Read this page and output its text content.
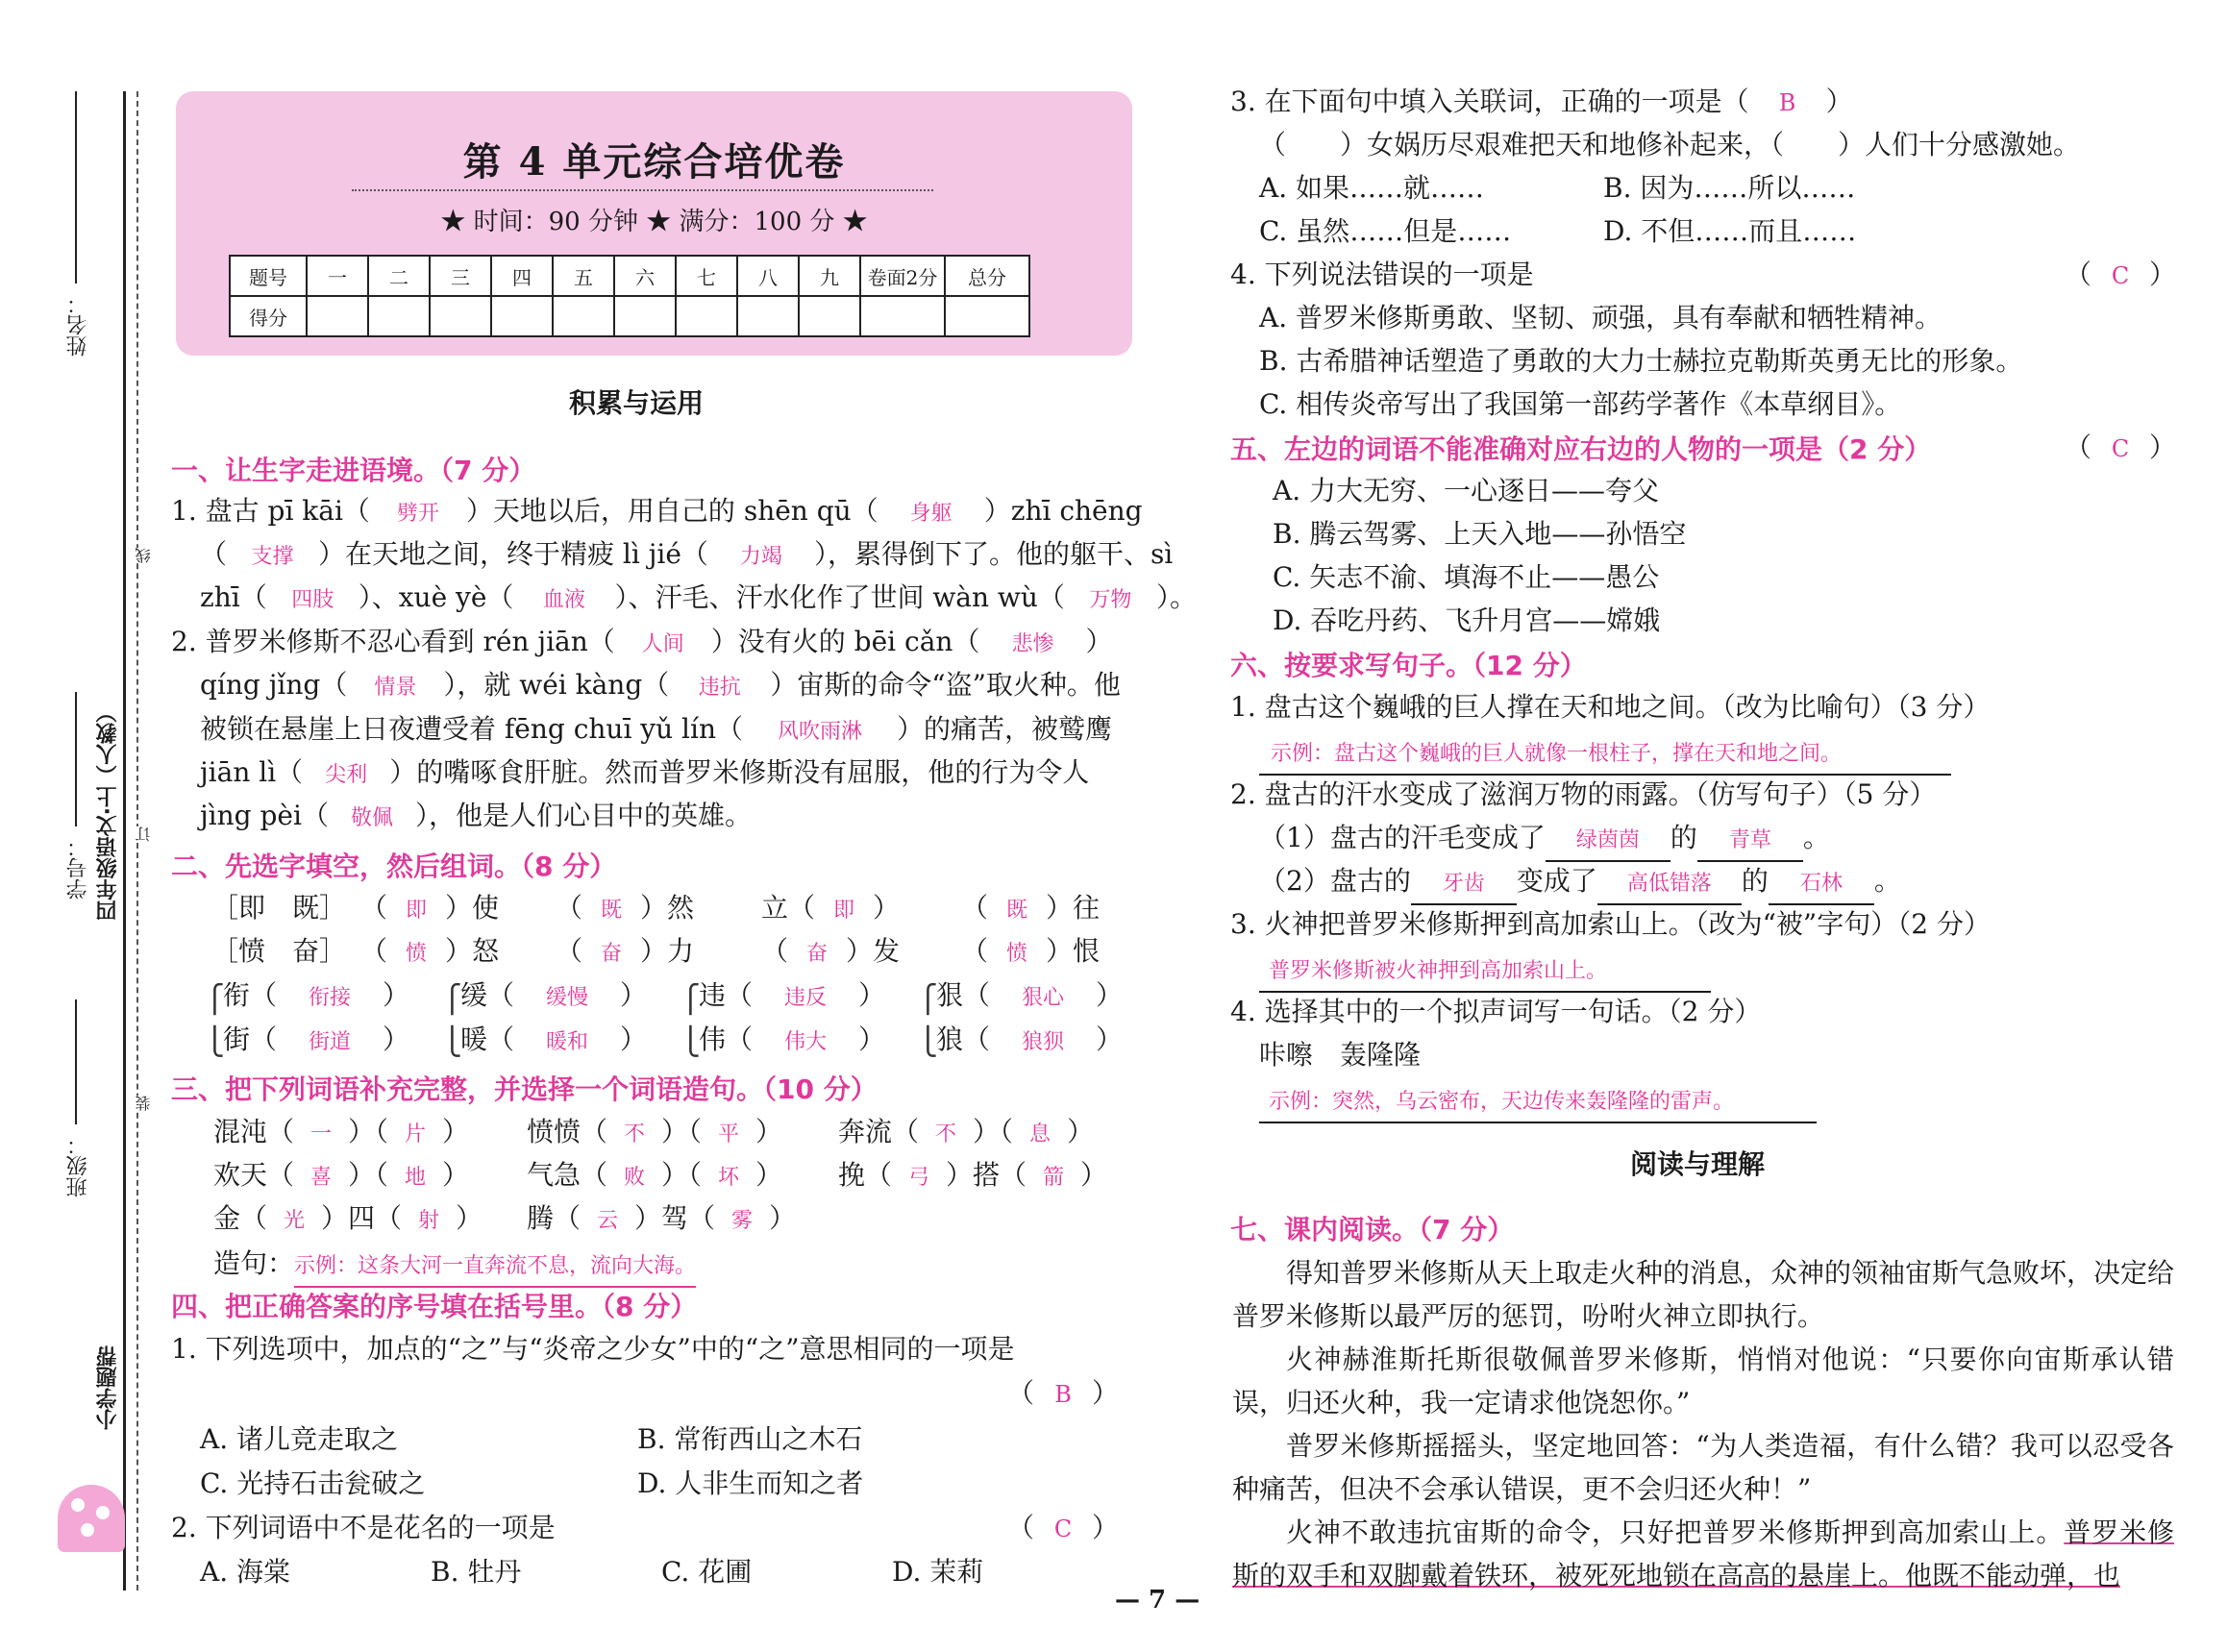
姓名：
学号：
班级：
四年级语文·上（人教）
小学题帮
线
订
装
第 4 单元综合培优卷
★ 时间：90 分钟 ★ 满分：100 分 ★
题号	一	二	三	四	五	六	七	八	九	卷面2分	总分
得分											
积累与运用
一、让生字走进语境。（7 分）
1. 盘古 pī kāi（ 劈开 ）天地以后，用自己的 shēn qū（ 身躯 ）zhī chēng
（ 支撑 ）在天地之间，终于精疲 lì jié（ 力竭 ），累得倒下了。他的躯干、sì
zhī（ 四肢 ）、xuè yè（ 血液 ）、汗毛、汗水化作了世间 wàn wù（ 万物 ）。
2. 普罗米修斯不忍心看到 rén jiān（ 人间 ）没有火的 bēi cǎn（ 悲惨 ）
qíng jǐng（ 情景 ），就 wéi kàng（ 违抗 ）宙斯的命令“盗”取火种。他
被锁在悬崖上日夜遭受着 fēng chuī yǔ lín（ 风吹雨淋 ）的痛苦，被鹫鹰
jiān lì（ 尖利 ）的嘴啄食肝脏。然而普罗米修斯没有屈服，他的行为令人
jìng pèi（ 敬佩 ），他是人们心目中的英雄。
二、先选字填空，然后组词。（8 分）
［即　既］ （ 即 ）使 （ 既 ）然 立（ 即 ） （ 既 ）往
［愤　奋］ （ 愤 ）怒 （ 奋 ）力 （ 奋 ）发 （ 愤 ）恨
⎧
⎩
衔（ 衔接 ）
街（ 街道 ）
⎧
⎩
缓（ 缓慢 ）
暖（ 暖和 ）
⎧
⎩
违（ 违反 ）
伟（ 伟大 ）
⎧
⎩
狠（ 狠心 ）
狼（ 狼狈 ）
三、把下列词语补充完整，并选择一个词语造句。（10 分）
混沌（ 一 ）（ 片 ） 愤愤（ 不 ）（ 平 ） 奔流（ 不 ）（ 息 ）
欢天（ 喜 ）（ 地 ） 气急（ 败 ）（ 坏 ） 挽（ 弓 ）搭（ 箭 ）
金（ 光 ）四（ 射 ） 腾（ 云 ）驾（ 雾 ）
造句：示例：这条大河一直奔流不息，流向大海。
四、把正确答案的序号填在括号里。（8 分）
1. 下列选项中，加点的“之”与“炎帝之少女”中的“之”意思相同的一项是
（ B ）
A. 诸儿竞走取之	B. 常衔西山之木石
C. 光持石击瓮破之	D. 人非生而知之者
2. 下列词语中不是花名的一项是	（ C ）
A. 海棠	B. 牡丹	C. 花圃	D. 茉莉
3. 在下面句中填入关联词，正确的一项是（ B ）
（　　）女娲历尽艰难把天和地修补起来，（　　）人们十分感激她。
A. 如果……就……	B. 因为……所以……
C. 虽然……但是……	D. 不但……而且……
4. 下列说法错误的一项是	（ C ）
A. 普罗米修斯勇敢、坚韧、顽强，具有奉献和牺牲精神。
B. 古希腊神话塑造了勇敢的大力士赫拉克勒斯英勇无比的形象。
C. 相传炎帝写出了我国第一部药学著作《本草纲目》。
五、左边的词语不能准确对应右边的人物的一项是（2 分）	（ C ）
A. 力大无穷、一心逐日——夸父
B. 腾云驾雾、上天入地——孙悟空
C. 矢志不渝、填海不止——愚公
D. 吞吃丹药、飞升月宫——嫦娥
六、按要求写句子。（12 分）
1. 盘古这个巍峨的巨人撑在天和地之间。（改为比喻句）（3 分）
示例：盘古这个巍峨的巨人就像一根柱子，撑在天和地之间。
2. 盘古的汗水变成了滋润万物的雨露。（仿写句子）（5 分）
（1）盘古的汗毛变成了 绿茵茵 的 青草 。
（2）盘古的 牙齿 变成了 高低错落 的 石林 。
3. 火神把普罗米修斯押到高加索山上。（改为“被”字句）（2 分）
普罗米修斯被火神押到高加索山上。
4. 选择其中的一个拟声词写一句话。（2 分）
咔嚓　轰隆隆
示例：突然，乌云密布，天边传来轰隆隆的雷声。
阅读与理解
七、课内阅读。（7 分）

得知普罗米修斯从天上取走火种的消息，众神的领袖宙斯气急败坏，决定给普罗米修斯以最严厉的惩罚，吩咐火神立即执行。

火神赫淮斯托斯很敬佩普罗米修斯，悄悄对他说：“只要你向宙斯承认错误，归还火种，我一定请求他饶恕你。”

普罗米修斯摇摇头，坚定地回答：“为人类造福，有什么错？我可以忍受各种痛苦，但决不会承认错误，更不会归还火种！”

火神不敢违抗宙斯的命令，只好把普罗米修斯押到高加索山上。普罗米修斯的双手和双脚戴着铁环，被死死地锁在高高的悬崖上。他既不能动弹，也

— 7 —
